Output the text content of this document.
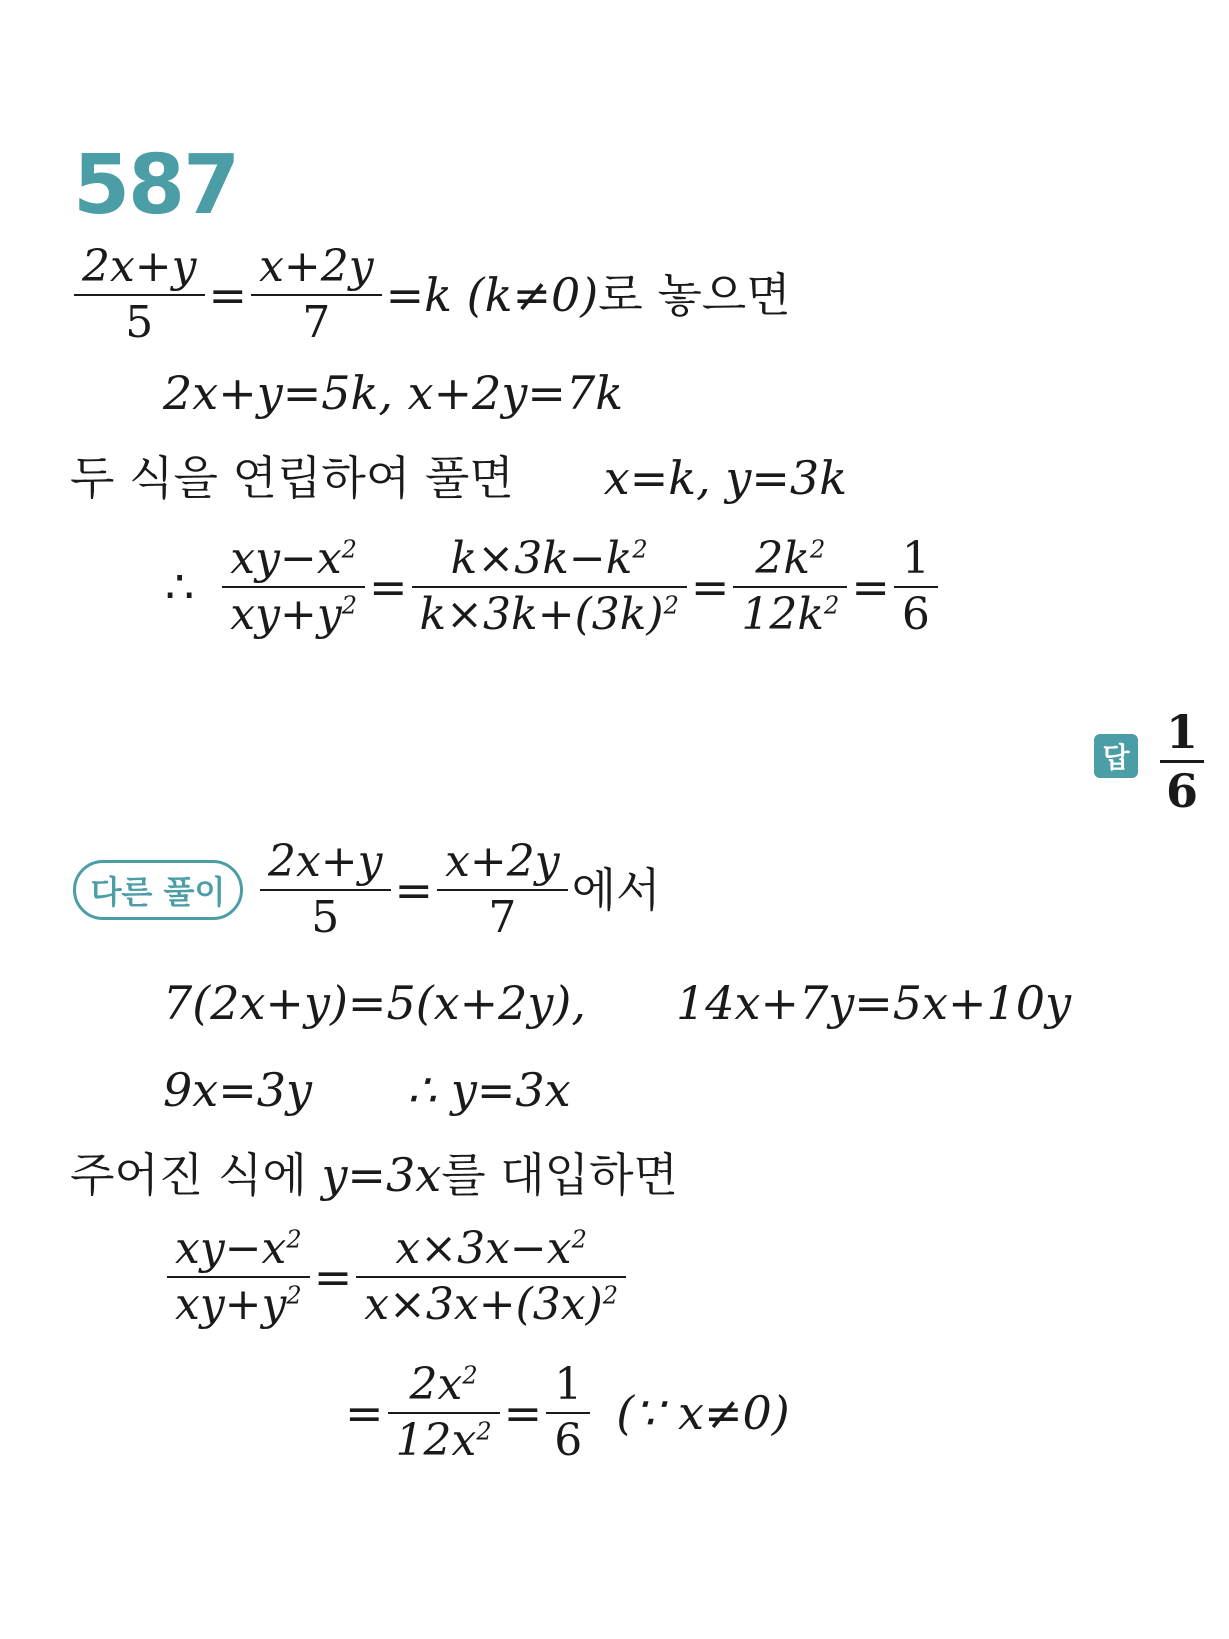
587
$\frac{2x+y}{5} = \frac{x+2y}{7} =k$ (k≠0) 로 놓으면
2x+y=5k, x+2y=7k
두 식을 연립하여 풀면 x=k, y=3k
∴ $\frac{xy-x^2}{xy+y^2} = \frac{k\times 3k-k^2}{k\times 3k+(3k)^2} = \frac{2k^2}{12k^2} = \frac{1}{6}$
답 1
6
다른 풀이 $\frac{2x+y}{5} = \frac{x+2y}{7}$ 에서
7(2x+y)=5(x+2y), 14x+7y=5x+10y
9x=3y ∴ y=3x
주어진 식에 y=3x 를 대입하면
$\frac{xy-x^2}{xy+y^2} = \frac{x\times 3x-x^2}{x\times 3x+(3x)^2}$
= $\frac{2x^2}{12x^2} = \frac{1}{6}$ (∵ x≠0)
